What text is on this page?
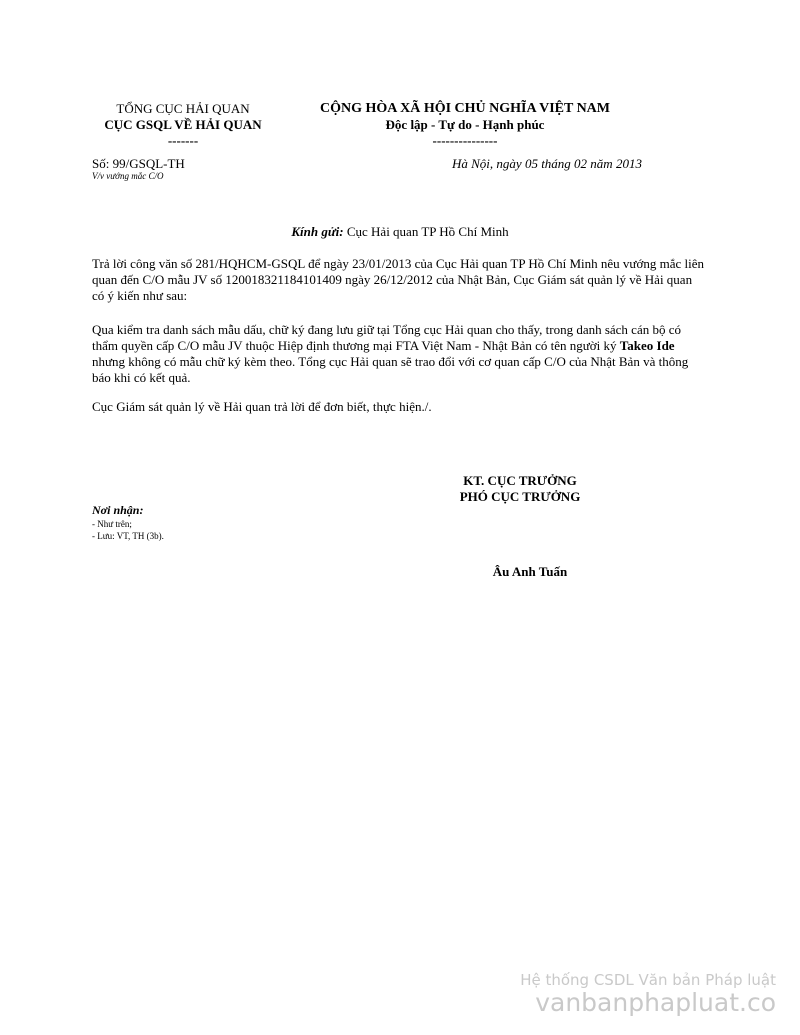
TỔNG CỤC HẢI QUAN
CỤC GSQL VỀ HẢI QUAN
-------
CỘNG HÒA XÃ HỘI CHỦ NGHĨA VIỆT NAM
Độc lập - Tự do - Hạnh phúc
---------------
Số: 99/GSQL-TH
V/v vướng mắc C/O
Hà Nội, ngày 05 tháng 02 năm 2013
Kính gửi: Cục Hải quan TP Hồ Chí Minh
Trả lời công văn số 281/HQHCM-GSQL để ngày 23/01/2013 của Cục Hải quan TP Hồ Chí Minh nêu vướng mắc liên quan đến C/O mẫu JV số 120018321184101409 ngày 26/12/2012 của Nhật Bản, Cục Giám sát quản lý về Hải quan có ý kiến như sau:
Qua kiểm tra danh sách mẫu dấu, chữ ký đang lưu giữ tại Tổng cục Hải quan cho thấy, trong danh sách cán bộ có thẩm quyền cấp C/O mẫu JV thuộc Hiệp định thương mại FTA Việt Nam - Nhật Bản có tên người ký Takeo Ide nhưng không có mẫu chữ ký kèm theo. Tổng cục Hải quan sẽ trao đổi với cơ quan cấp C/O của Nhật Bản và thông báo khi có kết quả.
Cục Giám sát quản lý về Hải quan trả lời để đơn biết, thực hiện./.
KT. CỤC TRƯỞNG
PHÓ CỤC TRƯỞNG
Âu Anh Tuấn
Nơi nhận:
- Như trên;
- Lưu: VT, TH (3b).
Hệ thống CSDL Văn bản Pháp luật
vanbanphapluat.co
